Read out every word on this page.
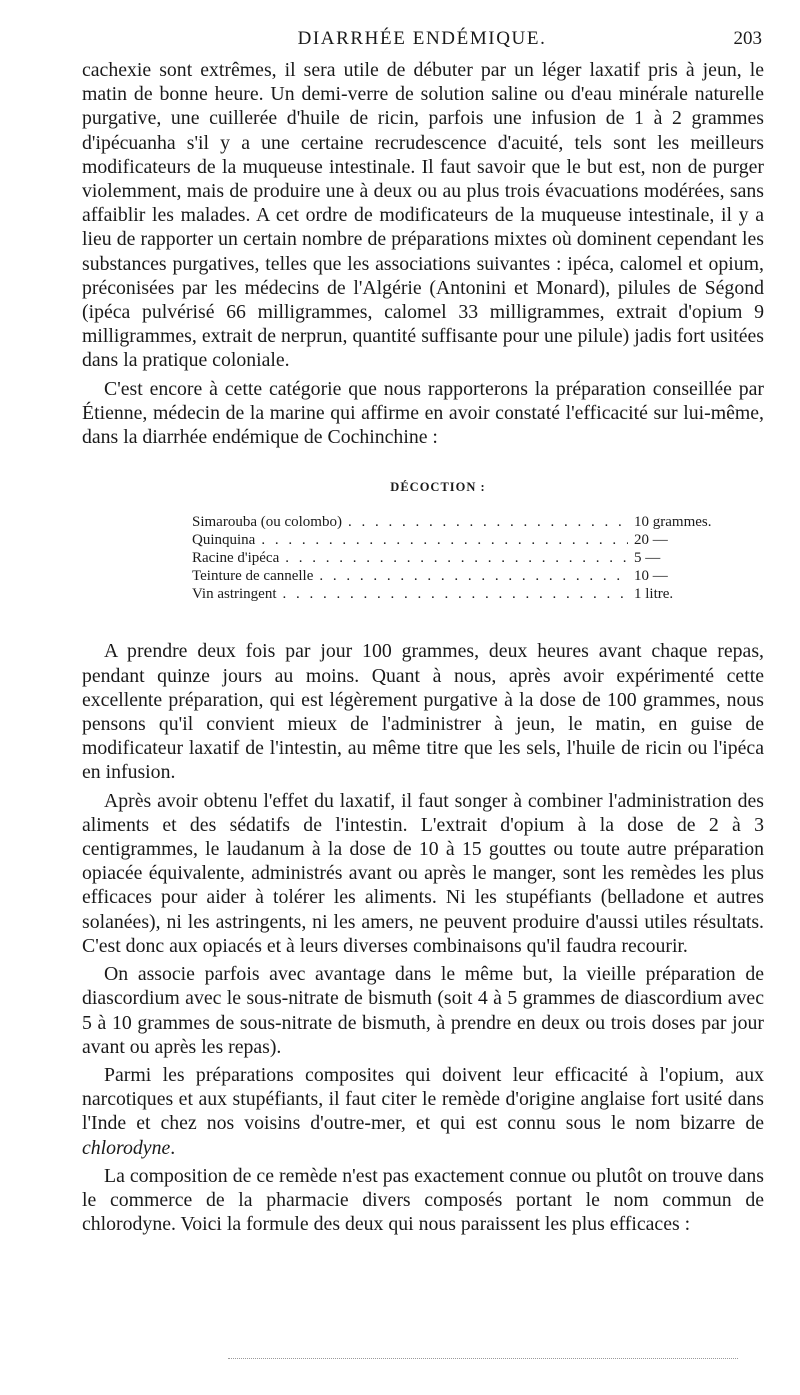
DIARRHÉE ENDÉMIQUE.	203

cachexie sont extrêmes, il sera utile de débuter par un léger laxatif pris à jeun, le matin de bonne heure. Un demi-verre de solution saline ou d'eau minérale naturelle purgative, une cuillerée d'huile de ricin, parfois une infusion de 1 à 2 grammes d'ipécuanha s'il y a une certaine recrudescence d'acuité, tels sont les meilleurs modificateurs de la muqueuse intestinale. Il faut savoir que le but est, non de purger violemment, mais de produire une à deux ou au plus trois évacuations modérées, sans affaiblir les malades. A cet ordre de modificateurs de la muqueuse intestinale, il y a lieu de rapporter un certain nombre de préparations mixtes où dominent cependant les substances purgatives, telles que les associations suivantes : ipéca, calomel et opium, préconisées par les médecins de l'Algérie (Antonini et Monard), pilules de Ségond (ipéca pulvérisé 66 milligrammes, calomel 33 milligrammes, extrait d'opium 9 milligrammes, extrait de nerprun, quantité suffisante pour une pilule) jadis fort usitées dans la pratique coloniale.

C'est encore à cette catégorie que nous rapporterons la préparation conseillée par Étienne, médecin de la marine qui affirme en avoir constaté l'efficacité sur lui-même, dans la diarrhée endémique de Cochinchine :

DÉCOCTION :
Simarouba (ou colombo) . . .	10 grammes.
Quinquina . . .	20 —
Racine d'ipéca . . .	5 —
Teinture de cannelle . . .	10 —
Vin astringent . . .	1 litre.

A prendre deux fois par jour 100 grammes, deux heures avant chaque repas, pendant quinze jours au moins. Quant à nous, après avoir expérimenté cette excellente préparation, qui est légèrement purgative à la dose de 100 grammes, nous pensons qu'il convient mieux de l'administrer à jeun, le matin, en guise de modificateur laxatif de l'intestin, au même titre que les sels, l'huile de ricin ou l'ipéca en infusion.

Après avoir obtenu l'effet du laxatif, il faut songer à combiner l'administration des aliments et des sédatifs de l'intestin. L'extrait d'opium à la dose de 2 à 3 centigrammes, le laudanum à la dose de 10 à 15 gouttes ou toute autre préparation opiacée équivalente, administrés avant ou après le manger, sont les remèdes les plus efficaces pour aider à tolérer les aliments. Ni les stupéfiants (belladone et autres solanées), ni les astringents, ni les amers, ne peuvent produire d'aussi utiles résultats. C'est donc aux opiacés et à leurs diverses combinaisons qu'il faudra recourir.

On associe parfois avec avantage dans le même but, la vieille préparation de diascordium avec le sous-nitrate de bismuth (soit 4 à 5 grammes de diascordium avec 5 à 10 grammes de sous-nitrate de bismuth, à prendre en deux ou trois doses par jour avant ou après les repas).

Parmi les préparations composites qui doivent leur efficacité à l'opium, aux narcotiques et aux stupéfiants, il faut citer le remède d'origine anglaise fort usité dans l'Inde et chez nos voisins d'outre-mer, et qui est connu sous le nom bizarre de chlorodyne.

La composition de ce remède n'est pas exactement connue ou plutôt on trouve dans le commerce de la pharmacie divers composés portant le nom commun de chlorodyne. Voici la formule des deux qui nous paraissent les plus efficaces :
